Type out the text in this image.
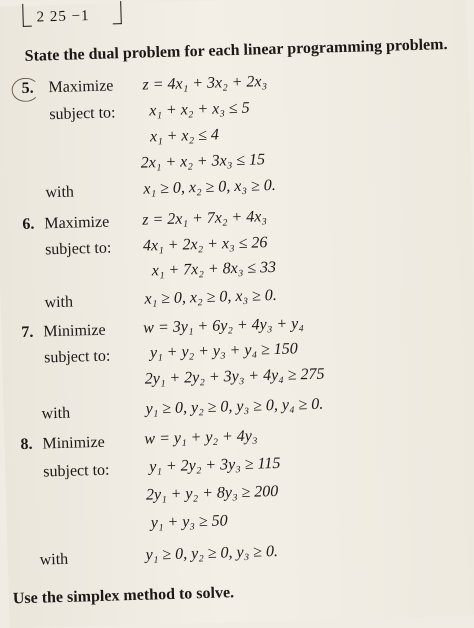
2 25 −1
State the dual problem for each linear programming problem.
5. Maximize z = 4x₁ + 3x₂ + 2x₃
subject to: x₁ + x₂ + x₃ ≤ 5
x₁ + x₂ ≤ 4
2x₁ + x₂ + 3x₃ ≤ 15
with	x₁ ≥ 0, x₂ ≥ 0, x₃ ≥ 0.
6. Maximize z = 2x₁ + 7x₂ + 4x₃
subject to: 4x₁ + 2x₂ + x₃ ≤ 26
x₁ + 7x₂ + 8x₃ ≤ 33
with	x₁ ≥ 0, x₂ ≥ 0, x₃ ≥ 0.
7. Minimize w = 3y₁ + 6y₂ + 4y₃ + y₄
subject to: y₁ + y₂ + y₃ + y₄ ≥ 150
2y₁ + 2y₂ + 3y₃ + 4y₄ ≥ 275
with	y₁ ≥ 0, y₂ ≥ 0, y₃ ≥ 0, y₄ ≥ 0.
8. Minimize w = y₁ + y₂ + 4y₃
subject to: y₁ + 2y₂ + 3y₃ ≥ 115
2y₁ + y₂ + 8y₃ ≥ 200
y₁ + y₃ ≥ 50
with	y₁ ≥ 0, y₂ ≥ 0, y₃ ≥ 0.
Use the simplex method to solve.
